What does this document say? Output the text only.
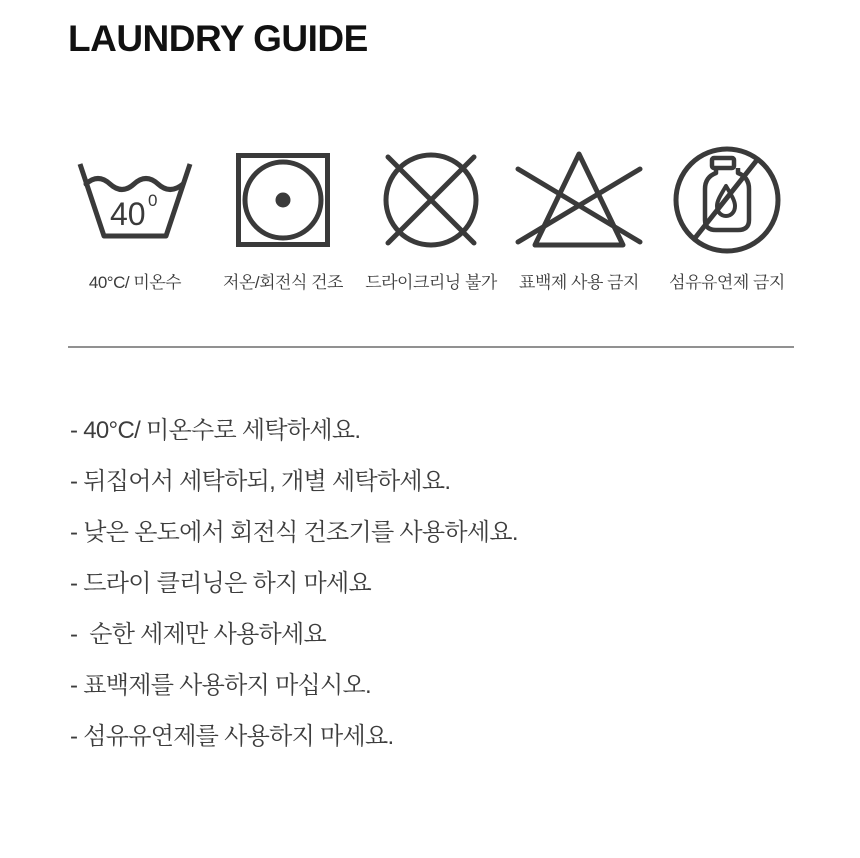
LAUNDRY GUIDE
40 0
40°C/ 미온수 저온/회전식 건조 드라이크리닝 불가 표백제 사용 금지 섬유유연제 금지
- 40°C/ 미온수로 세탁하세요.
- 뒤집어서 세탁하되, 개별 세탁하세요.
- 낮은 온도에서 회전식 건조기를 사용하세요.
- 드라이 클리닝은 하지 마세요
-  순한 세제만 사용하세요
- 표백제를 사용하지 마십시오.
- 섬유유연제를 사용하지 마세요.
